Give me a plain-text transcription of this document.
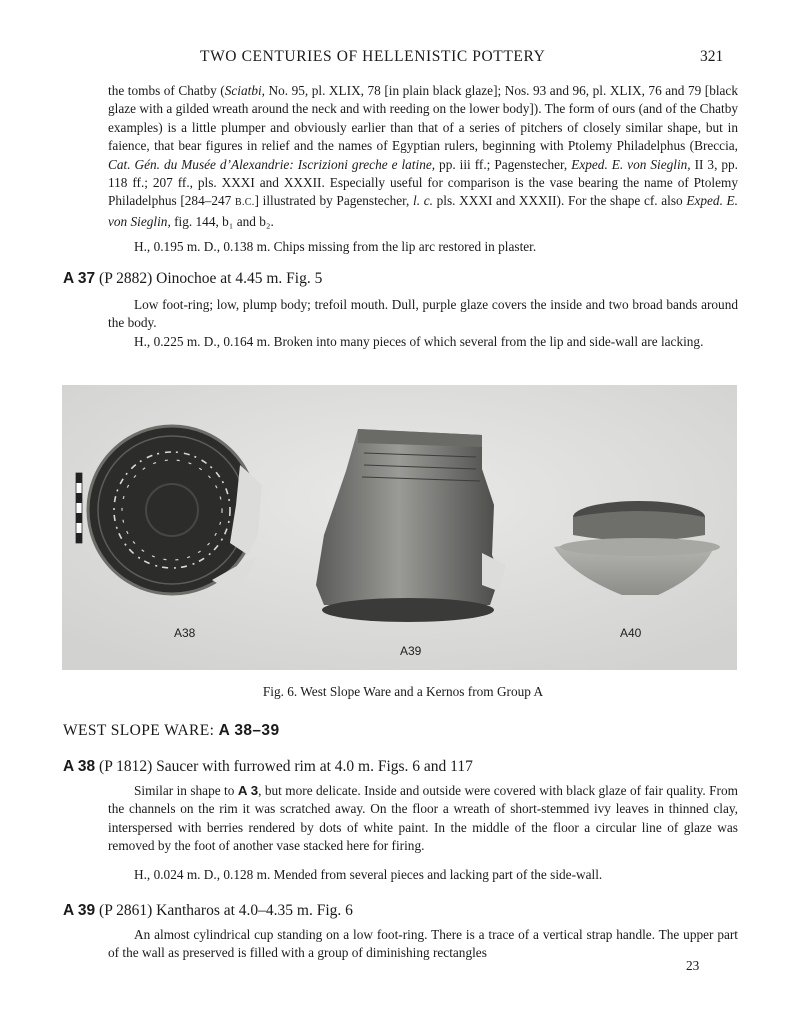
TWO CENTURIES OF HELLENISTIC POTTERY	321
the tombs of Chatby (Sciatbi, No. 95, pl. XLIX, 78 [in plain black glaze]; Nos. 93 and 96, pl. XLIX, 76 and 79 [black glaze with a gilded wreath around the neck and with reeding on the lower body]). The form of ours (and of the Chatby examples) is a little plumper and obviously earlier than that of a series of pitchers of closely similar shape, but in faience, that bear figures in relief and the names of Egyptian rulers, beginning with Ptolemy Philadelphus (Breccia, Cat. Gén. du Musée d’Alexandrie: Iscrizioni greche e latine, pp. iii ff.; Pagenstecher, Exped. E. von Sieglin, II 3, pp. 118 ff.; 207 ff., pls. XXXI and XXXII. Especially useful for comparison is the vase bearing the name of Ptolemy Philadelphus [284–247 B.C.] illustrated by Pagenstecher, l. c. pls. XXXI and XXXII). For the shape cf. also Exped. E. von Sieglin, fig. 144, b₁ and b₂.
H., 0.195 m. D., 0.138 m. Chips missing from the lip arc restored in plaster.
A 37 (P 2882) Oinochoe at 4.45 m. Fig. 5
Low foot-ring; low, plump body; trefoil mouth. Dull, purple glaze covers the inside and two broad bands around the body.
H., 0.225 m. D., 0.164 m. Broken into many pieces of which several from the lip and side-wall are lacking.
A38
A39
A40
Fig. 6. West Slope Ware and a Kernos from Group A
WEST SLOPE WARE: A 38–39
A 38 (P 1812) Saucer with furrowed rim at 4.0 m. Figs. 6 and 117
Similar in shape to A 3, but more delicate. Inside and outside were covered with black glaze of fair quality. From the channels on the rim it was scratched away. On the floor a wreath of short-stemmed ivy leaves in thinned clay, interspersed with berries rendered by dots of white paint. In the middle of the floor a circular line of glaze was removed by the foot of another vase stacked here for firing.
H., 0.024 m. D., 0.128 m. Mended from several pieces and lacking part of the side-wall.
A 39 (P 2861) Kantharos at 4.0–4.35 m. Fig. 6
An almost cylindrical cup standing on a low foot-ring. There is a trace of a vertical strap handle. The upper part of the wall as preserved is filled with a group of diminishing rectangles
23
